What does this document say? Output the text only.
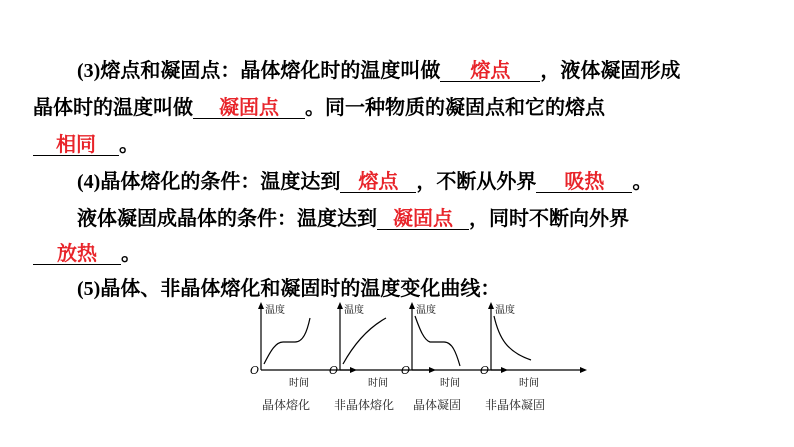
(3)熔点和凝固点：晶体熔化时的温度叫做 熔点 ，液体凝固形成
晶体时的温度叫做 凝固点 。同一种物质的凝固点和它的熔点
相同 。
(4)晶体熔化的条件：温度达到 熔点 ，不断从外界 吸热 。
液体凝固成晶体的条件：温度达到 凝固点 ，同时不断向外界
放热 。
(5)晶体、非晶体熔化和凝固时的温度变化曲线：
温度
时间
O
温度
时间
O
温度
时间
O
温度
时间
O
晶体熔化	非晶体熔化	晶体凝固	非晶体凝固
